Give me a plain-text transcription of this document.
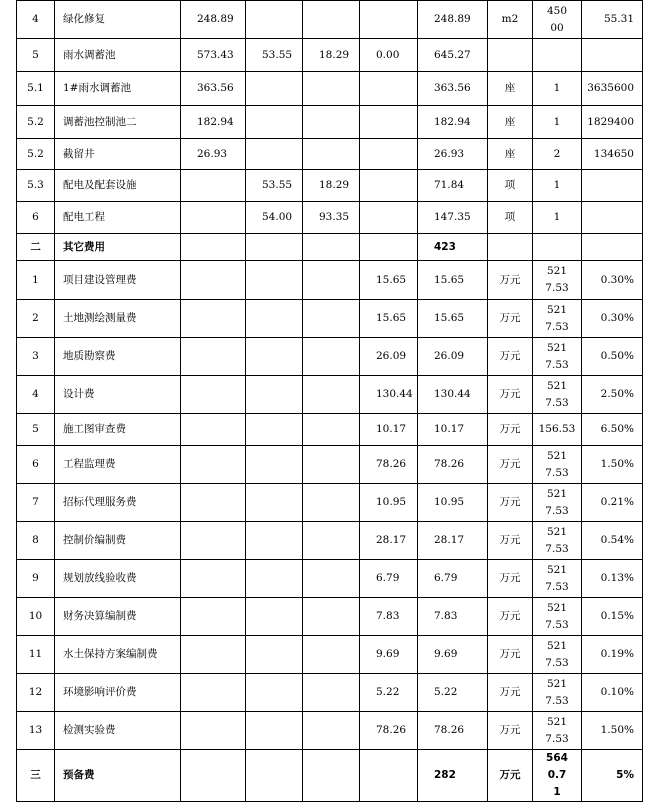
4	绿化修复	248.89				248.89	m2	45000	55.31
5	雨水调蓄池	573.43	53.55	18.29	0.00	645.27			
5.1	1#雨水调蓄池	363.56				363.56	座	1	3635600
5.2	调蓄池控制池二	182.94				182.94	座	1	1829400
5.2	截留井	26.93				26.93	座	2	134650
5.3	配电及配套设施		53.55	18.29		71.84	项	1	
6	配电工程		54.00	93.35		147.35	项	1	
二	其它费用					423			
1	项目建设管理费				15.65	15.65	万元	5217.53	0.30%
2	土地测绘测量费				15.65	15.65	万元	5217.53	0.30%
3	地质勘察费				26.09	26.09	万元	5217.53	0.50%
4	设计费				130.44	130.44	万元	5217.53	2.50%
5	施工图审查费				10.17	10.17	万元	156.53	6.50%
6	工程监理费				78.26	78.26	万元	5217.53	1.50%
7	招标代理服务费				10.95	10.95	万元	5217.53	0.21%
8	控制价编制费				28.17	28.17	万元	5217.53	0.54%
9	规划放线验收费				6.79	6.79	万元	5217.53	0.13%
10	财务决算编制费				7.83	7.83	万元	5217.53	0.15%
11	水土保持方案编制费				9.69	9.69	万元	5217.53	0.19%
12	环境影响评价费				5.22	5.22	万元	5217.53	0.10%
13	检测实验费				78.26	78.26	万元	5217.53	1.50%
三	预备费					282	万元	5640.71	5%
